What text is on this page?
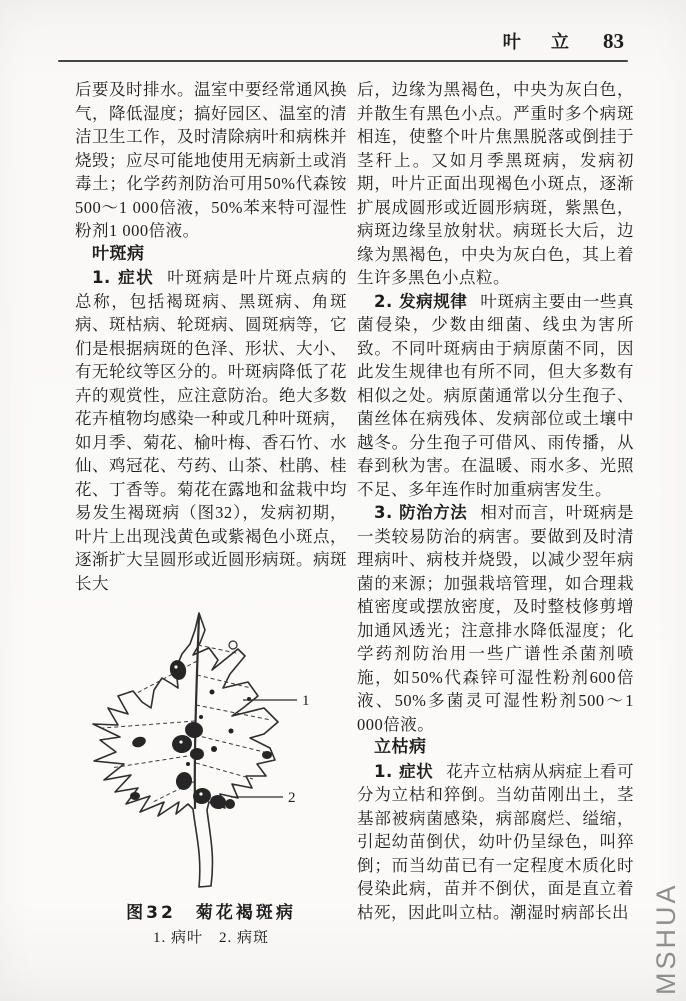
叶 立 83

后要及时排水。温室中要经常通风换气，降低湿度；搞好园区、温室的清洁卫生工作，及时清除病叶和病株并烧毁；应尽可能地使用无病新土或消毒土；化学药剂防治可用50%代森铵500～1 000倍液，50%苯来特可湿性粉剂1 000倍液。

叶斑病

1. 症状 叶斑病是叶片斑点病的总称，包括褐斑病、黑斑病、角斑病、斑枯病、轮斑病、圆斑病等，它们是根据病斑的色泽、形状、大小、有无轮纹等区分的。叶斑病降低了花卉的观赏性，应注意防治。绝大多数花卉植物均感染一种或几种叶斑病，如月季、菊花、榆叶梅、香石竹、水仙、鸡冠花、芍药、山茶、杜鹃、桂花、丁香等。菊花在露地和盆栽中均易发生褐斑病（图32），发病初期，叶片上出现浅黄色或紫褐色小斑点，逐渐扩大呈圆形或近圆形病斑。病斑长大

1
2
图32　菊花褐斑病
1. 病叶　2. 病斑

后，边缘为黑褐色，中央为灰白色，并散生有黑色小点。严重时多个病斑相连，使整个叶片焦黑脱落或倒挂于茎秆上。又如月季黑斑病，发病初期，叶片正面出现褐色小斑点，逐渐扩展成圆形或近圆形病斑，紫黑色，病斑边缘呈放射状。病斑长大后，边缘为黑褐色，中央为灰白色，其上着生许多黑色小点粒。

2. 发病规律 叶斑病主要由一些真菌侵染，少数由细菌、线虫为害所致。不同叶斑病由于病原菌不同，因此发生规律也有所不同，但大多数有相似之处。病原菌通常以分生孢子、菌丝体在病残体、发病部位或土壤中越冬。分生孢子可借风、雨传播，从春到秋为害。在温暖、雨水多、光照不足、多年连作时加重病害发生。

3. 防治方法 相对而言，叶斑病是一类较易防治的病害。要做到及时清理病叶、病枝并烧毁，以减少翌年病菌的来源；加强栽培管理，如合理栽植密度或摆放密度，及时整枝修剪增加通风透光；注意排水降低湿度；化学药剂防治用一些广谱性杀菌剂喷施，如50%代森锌可湿性粉剂600倍液、50%多菌灵可湿性粉剂500～1 000倍液。

立枯病

1. 症状 花卉立枯病从病症上看可分为立枯和猝倒。当幼苗刚出土，茎基部被病菌感染，病部腐烂、缢缩，引起幼苗倒伏，幼叶仍呈绿色，叫猝倒；而当幼苗已有一定程度木质化时侵染此病，苗并不倒伏，面是直立着枯死，因此叫立枯。潮湿时病部长出 MSHUA
